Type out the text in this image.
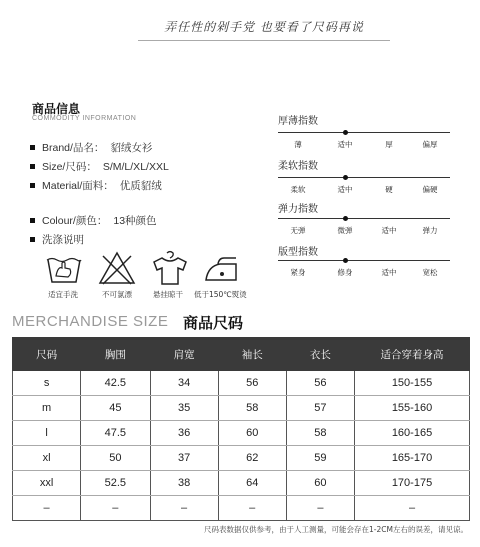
弄任性的剁手党 也要看了尺码再说
商品信息
COMMODITY INFORMATION
Brand/品名： 貂绒女衫
Size/尺码： S/M/L/XL/XXL
Material/面料： 优质貂绒
Colour/颜色： 13种颜色
洗涤说明
适宜手洗	不可氯漂	悬挂晾干 低于150℃熨烫
厚薄指数
薄	适中	厚	偏厚
柔软指数
柔软	适中	硬	偏硬
弹力指数
无弹	微弹	适中	弹力
版型指数
紧身	修身	适中	宽松
MERCHANDISE SIZE 商品尺码
尺码	胸围	肩宽	袖长	衣长	适合穿着身高
s	42.5	34	56	56	150-155
m	45	35	58	57	155-160
l	47.5	36	60	58	160-165
xl	50	37	62	59	165-170
xxl	52.5	38	64	60	170-175
–	–	–	–	–	–
尺码表数据仅供参考，由于人工测量，可能会存在1-2CM左右的误差，请见谅。
